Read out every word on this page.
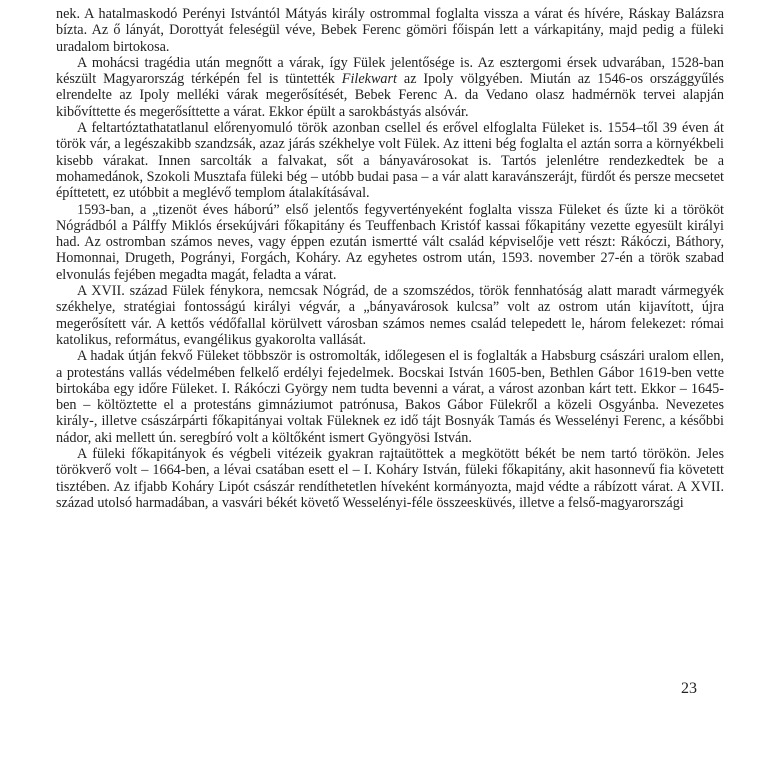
nek. A hatalmaskodó Perényi Istvántól Mátyás király ostrommal foglalta vissza a várat és hívére, Ráskay Balázsra bízta. Az ő lányát, Dorottyát feleségül véve, Bebek Ferenc gömöri főispán lett a várkapitány, majd pedig a füleki uradalom birtokosa.

A mohácsi tragédia után megnőtt a várak, így Fülek jelentősége is. Az esztergomi érsek udvarában, 1528-ban készült Magyarország térképén fel is tüntették Filekwart az Ipoly völgyében. Miután az 1546-os országgyűlés elrendelte az Ipoly melléki várak megerősítését, Bebek Ferenc A. da Vedano olasz hadmérnök tervei alapján kibővíttette és megerősíttette a várat. Ekkor épült a sarokbástyás alsóvár.

A feltartóztathatatlanul előrenyomuló török azonban csellel és erővel elfoglalta Füleket is. 1554–től 39 éven át török vár, a legészakibb szandzsák, azaz járás székhelye volt Fülek. Az itteni bég foglalta el aztán sorra a környékbeli kisebb várakat. Innen sarcolták a falvakat, sőt a bányavárosokat is. Tartós jelenlétre rendezkedtek be a mohamedánok, Szokoli Musztafa füleki bég – utóbb budai pasa – a vár alatt karavánszerájt, fürdőt és persze mecsetet építtetett, ez utóbbit a meglévő templom átalakításával.

1593-ban, a „tizenöt éves háború” első jelentős fegyvertényeként foglalta vissza Füleket és űzte ki a törököt Nógrádból a Pálffy Miklós érsekújvári főkapitány és Teuffenbach Kristóf kassai főkapitány vezette egyesült királyi had. Az ostromban számos neves, vagy éppen ezután ismertté vált család képviselője vett részt: Rákóczi, Báthory, Homonnai, Drugeth, Pogrányi, Forgách, Koháry. Az egyhetes ostrom után, 1593. november 27-én a török szabad elvonulás fejében megadta magát, feladta a várat.

A XVII. század Fülek fénykora, nemcsak Nógrád, de a szomszédos, török fennhatóság alatt maradt vármegyék székhelye, stratégiai fontosságú királyi végvár, a „bányavárosok kulcsa” volt az ostrom után kijavított, újra megerősített vár. A kettős védőfallal körülvett városban számos nemes család telepedett le, három felekezet: római katolikus, református, evangélikus gyakorolta vallását.

A hadak útján fekvő Füleket többször is ostromolták, időlegesen el is foglalták a Habsburg császári uralom ellen, a protestáns vallás védelmében felkelő erdélyi fejedelmek. Bocskai István 1605-ben, Bethlen Gábor 1619-ben vette birtokába egy időre Füleket. I. Rákóczi György nem tudta bevenni a várat, a várost azonban kárt tett. Ekkor – 1645-ben – költöztette el a protestáns gimnáziumot patrónusa, Bakos Gábor Fülekről a közeli Osgyánba. Nevezetes király-, illetve császárpárti főkapitányai voltak Füleknek ez idő tájt Bosnyák Tamás és Wesselényi Ferenc, a későbbi nádor, aki mellett ún. seregbíró volt a költőként ismert Gyöngyösi István.

A füleki főkapitányok és végbeli vitézeik gyakran rajtaütöttek a megkötött békét be nem tartó törökön. Jeles törökverő volt – 1664-ben, a lévai csatában esett el – I. Koháry István, füleki főkapitány, akit hasonnevű fia követett tisztében. Az ifjabb Koháry Lipót császár rendíthetetlen híveként kormányozta, majd védte a rábízott várat. A XVII. század utolsó harmadában, a vasvári békét követő Wesselényi-féle összeesküvés, illetve a felső-magyarországi

23
